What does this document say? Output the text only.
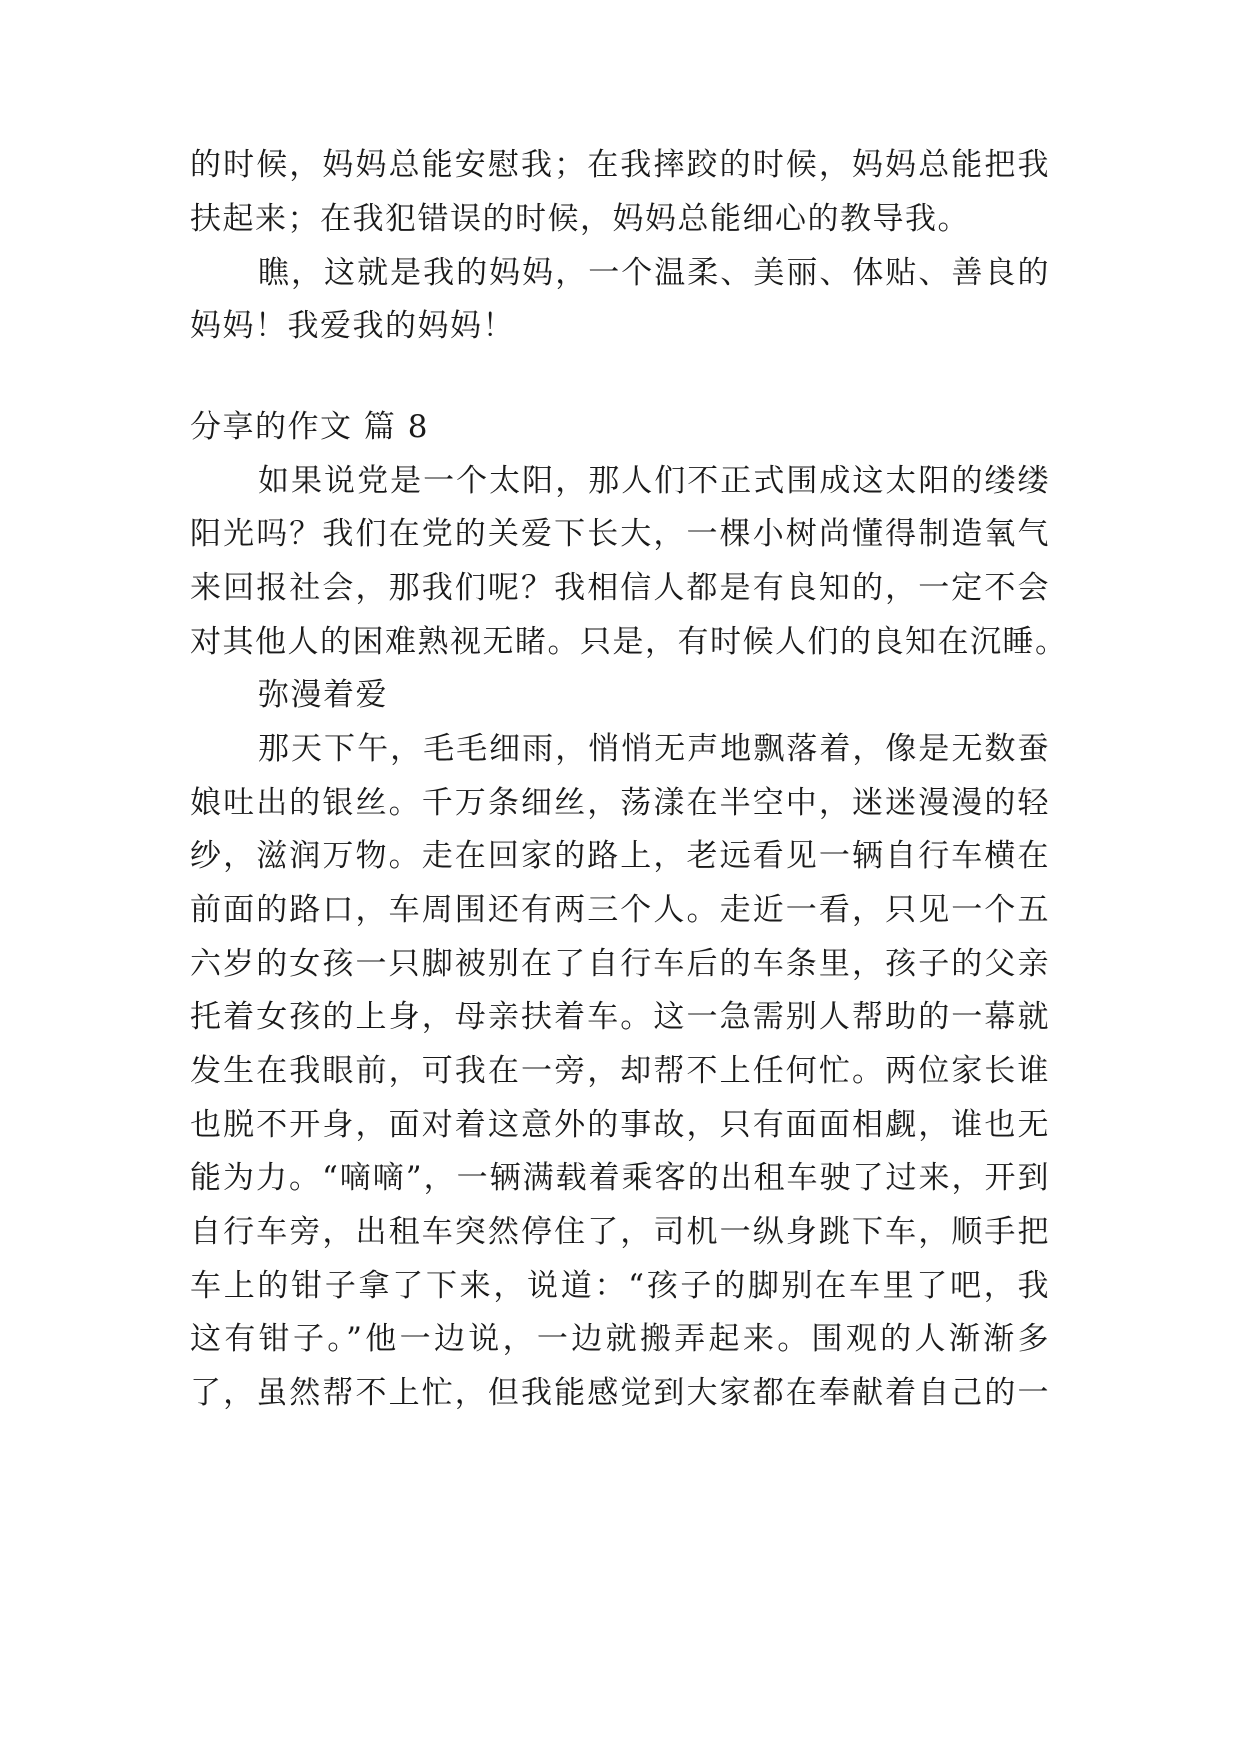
的时候，妈妈总能安慰我；在我摔跤的时候，妈妈总能把我
扶起来；在我犯错误的时候，妈妈总能细心的教导我。
瞧，这就是我的妈妈，一个温柔、美丽、体贴、善良的
妈妈！我爱我的妈妈！
分享的作文 篇 8
如果说党是一个太阳，那人们不正式围成这太阳的缕缕
阳光吗？我们在党的关爱下长大，一棵小树尚懂得制造氧气
来回报社会，那我们呢？我相信人都是有良知的，一定不会
对其他人的困难熟视无睹。只是，有时候人们的良知在沉睡。
弥漫着爱
那天下午，毛毛细雨，悄悄无声地飘落着，像是无数蚕
娘吐出的银丝。千万条细丝，荡漾在半空中，迷迷漫漫的轻
纱，滋润万物。走在回家的路上，老远看见一辆自行车横在
前面的路口，车周围还有两三个人。走近一看，只见一个五
六岁的女孩一只脚被别在了自行车后的车条里，孩子的父亲
托着女孩的上身，母亲扶着车。这一急需别人帮助的一幕就
发生在我眼前，可我在一旁，却帮不上任何忙。两位家长谁
也脱不开身，面对着这意外的事故，只有面面相觑，谁也无
能为力。“嘀嘀”，一辆满载着乘客的出租车驶了过来，开到
自行车旁，出租车突然停住了，司机一纵身跳下车，顺手把
车上的钳子拿了下来，说道：“孩子的脚别在车里了吧，我
这有钳子。”他一边说，一边就搬弄起来。围观的人渐渐多
了，虽然帮不上忙，但我能感觉到大家都在奉献着自己的一
